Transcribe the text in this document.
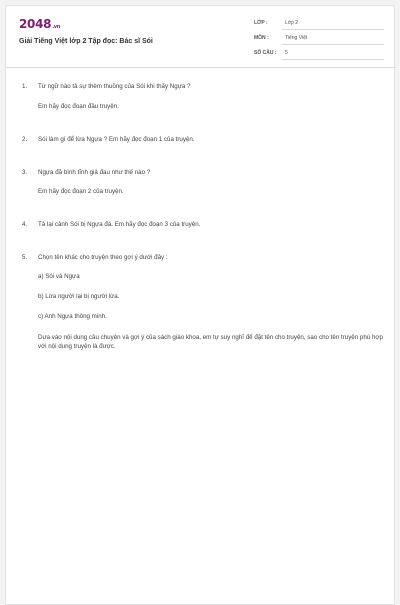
2048.vn
Giải Tiếng Việt lớp 2 Tập đọc: Bác sĩ Sói
LỚP :	Lớp 2
MÔN :	Tiếng Việt
SỐ CÂU : 5
1. Từ ngữ nào tả sự thèm thuồng của Sói khi thấy Ngựa ?
Em hãy đọc đoạn đầu truyện.
2. Sói làm gì để lừa Ngựa ? Em hãy đọc đoạn 1 của truyện.
3. Ngựa đã bình tĩnh giả đau như thế nào ?
Em hãy đọc đoạn 2 của truyện.
4. Tả lại cảnh Sói bị Ngựa đá. Em hãy đọc đoạn 3 của truyện.
5. Chọn tên khác cho truyện theo gợi ý dưới đây :
a) Sói và Ngựa
b) Lừa người lại bị người lừa.
c) Anh Ngựa thông minh.
Dựa vào nội dung câu chuyện và gợi ý của sách giáo khoa, em tự suy nghĩ để đặt tên cho truyện, sao cho tên truyện phù hợp với nội dung truyện là được.
